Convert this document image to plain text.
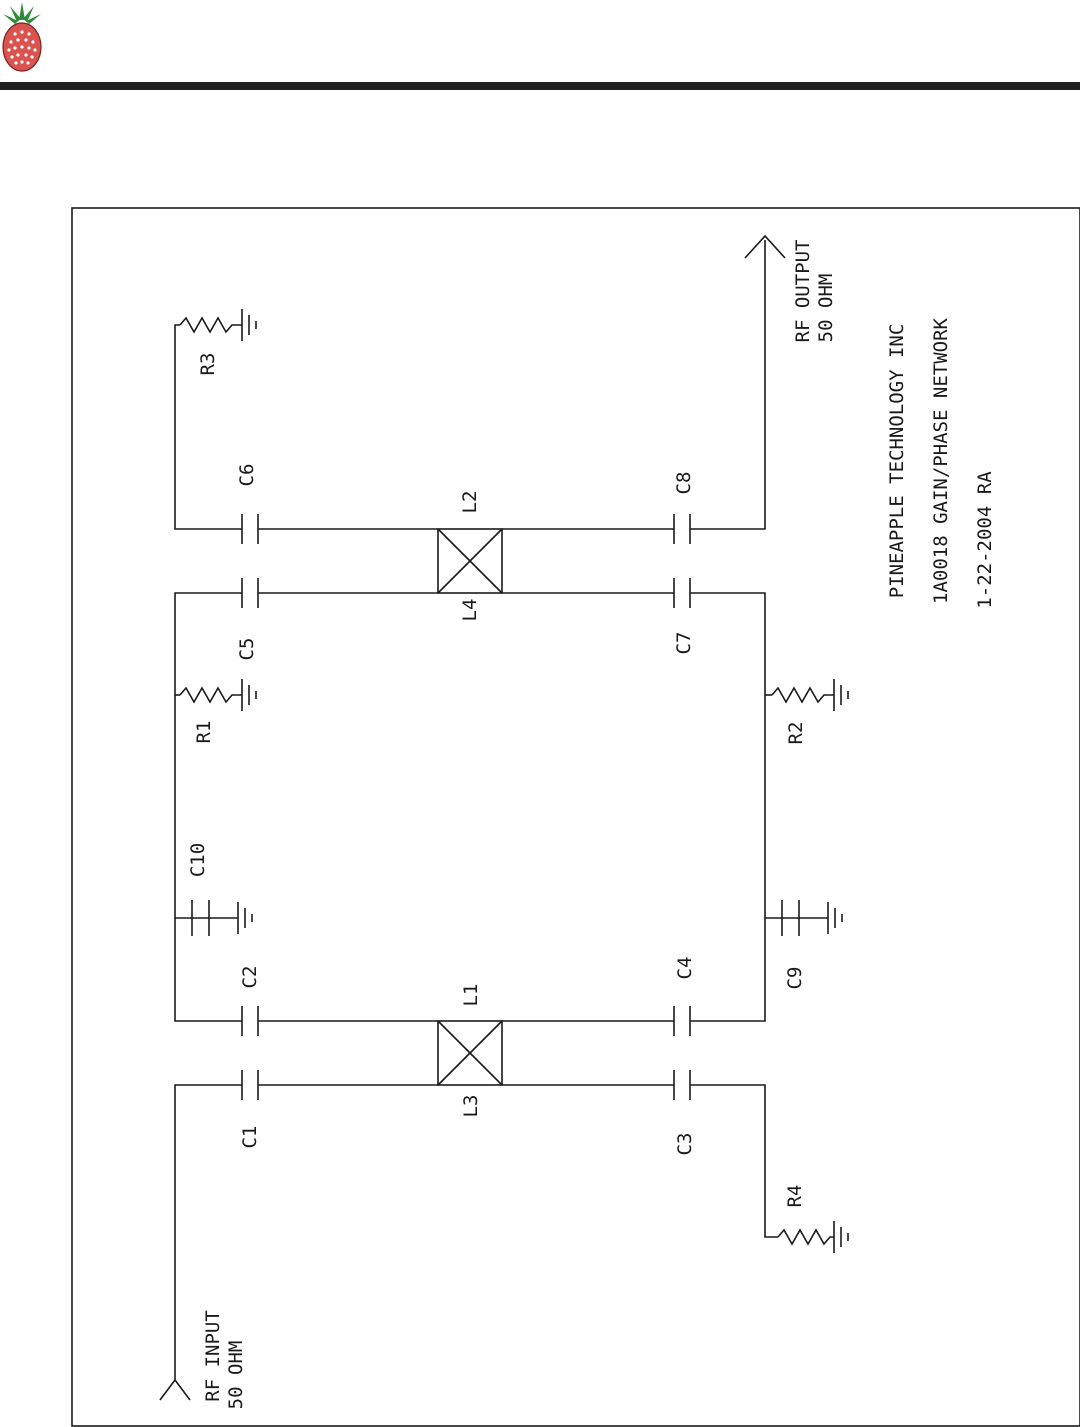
C1
C2
C3
C4
C5
C6
C7
C8
C9
C10
R1	R2
R3
R4
L1
L2
L3
L4
RF INPUT 50 OHM
RF OUTPUT 50 OHM
PINEAPPLE TECHNOLOGY INC 1A0018 GAIN/PHASE NETWORK 1-22-2004 RA
